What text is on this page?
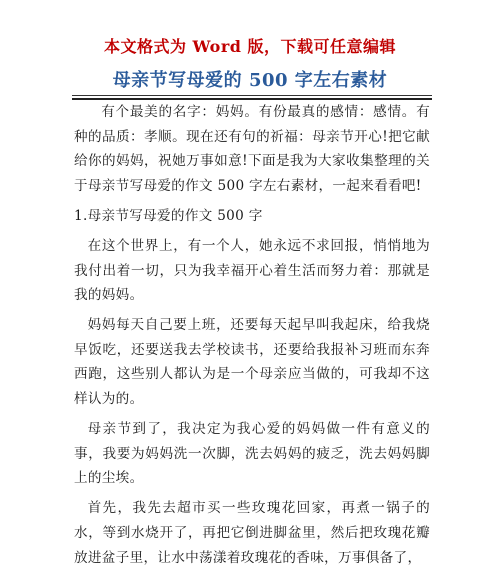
本文格式为 Word 版，下载可任意编辑
母亲节写母爱的 500 字左右素材

有个最美的名字：妈妈。有份最真的感情：感情。有种的品质：孝顺。现在还有句的祈福：母亲节开心!把它献给你的妈妈，祝她万事如意!下面是我为大家收集整理的关于母亲节写母爱的作文 500 字左右素材，一起来看看吧!

1.母亲节写母爱的作文 500 字

在这个世界上，有一个人，她永远不求回报，悄悄地为我付出着一切，只为我幸福开心着生活而努力着：那就是我的妈妈。

妈妈每天自己要上班，还要每天起早叫我起床，给我烧早饭吃，还要送我去学校读书，还要给我报补习班而东奔西跑，这些别人都认为是一个母亲应当做的，可我却不这样认为的。

母亲节到了，我决定为我心爱的妈妈做一件有意义的事，我要为妈妈洗一次脚，洗去妈妈的疲乏，洗去妈妈脚上的尘埃。

首先，我先去超市买一些玫瑰花回家，再煮一锅子的水，等到水烧开了，再把它倒进脚盆里，然后把玫瑰花瓣放进盆子里，让水中荡漾着玫瑰花的香味，万事俱备了，
